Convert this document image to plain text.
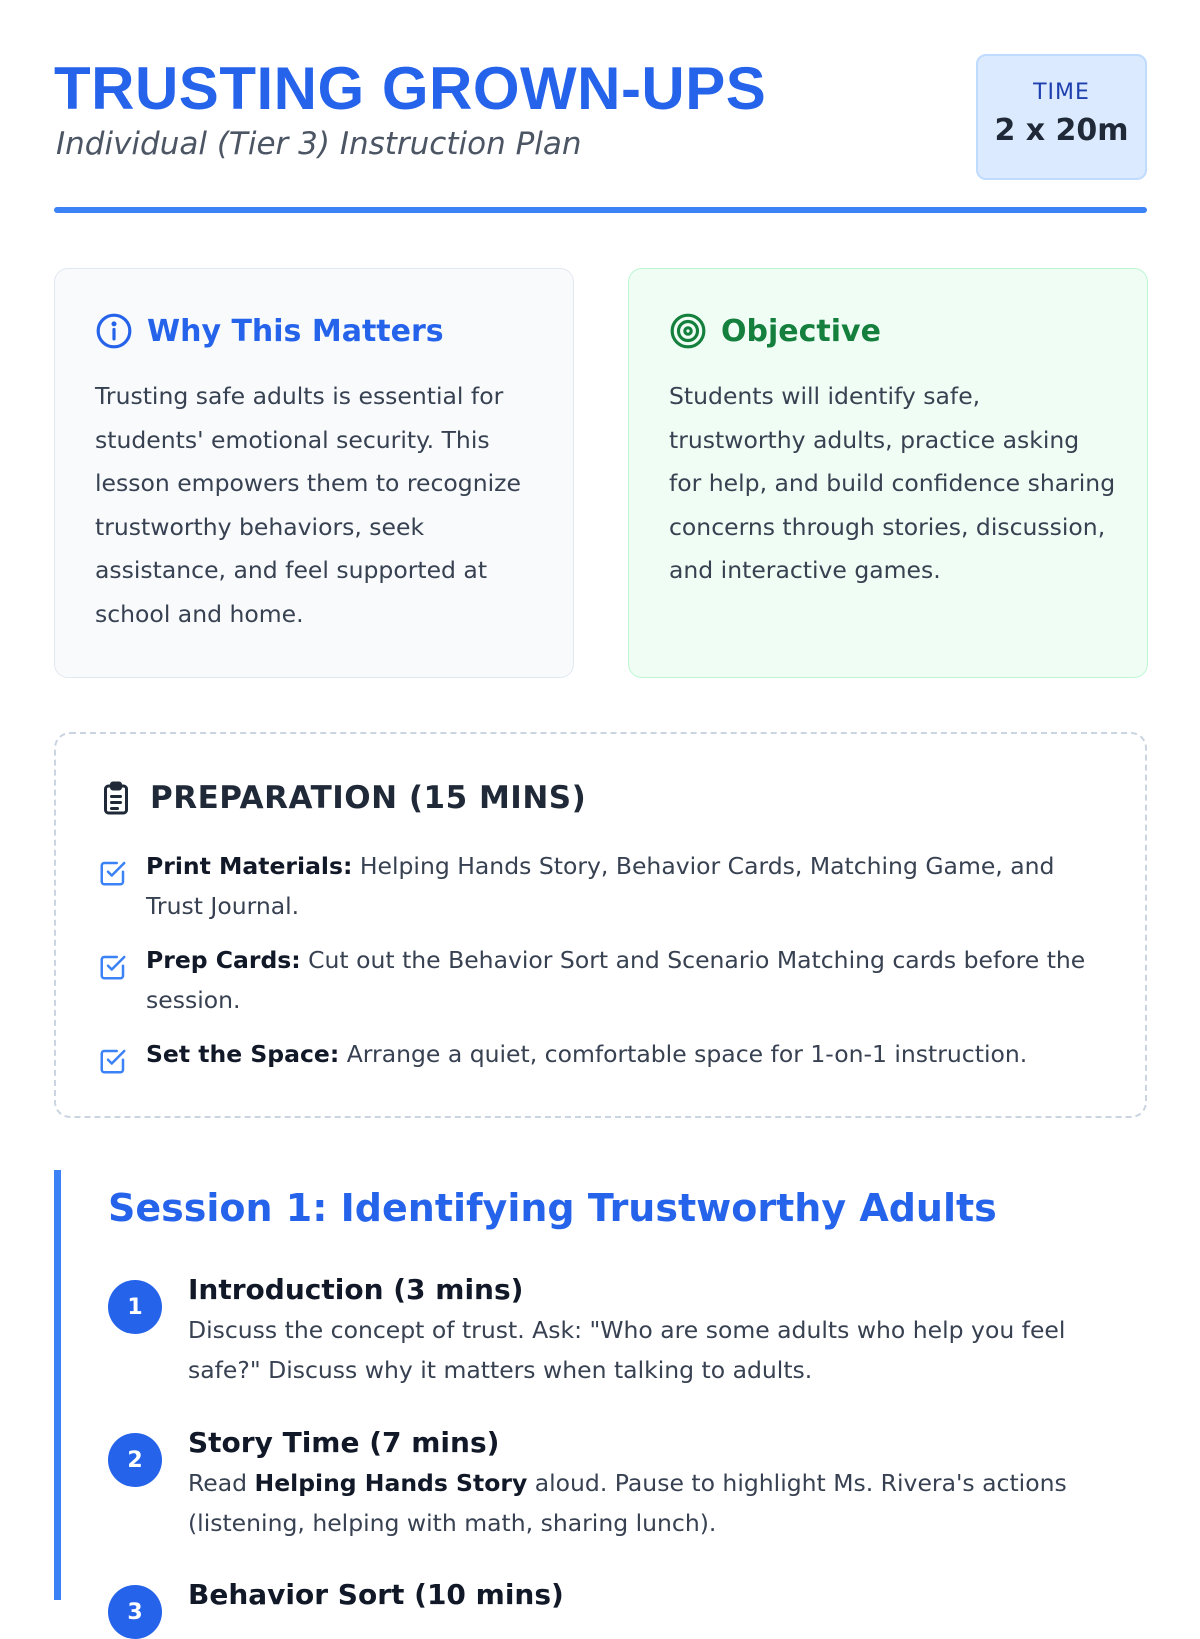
TRUSTING GROWN-UPS
Individual (Tier 3) Instruction Plan
TIME
2 x 20m
Why This Matters

Trusting safe adults is essential for students' emotional security. This lesson empowers them to recognize trustworthy behaviors, seek assistance, and feel supported at school and home.

Objective

Students will identify safe, trustworthy adults, practice asking for help, and build confidence sharing concerns through stories, discussion, and interactive games.

PREPARATION (15 MINS)
Print Materials: Helping Hands Story, Behavior Cards, Matching Game, and Trust Journal.
Prep Cards: Cut out the Behavior Sort and Scenario Matching cards before the session.
Set the Space: Arrange a quiet, comfortable space for 1-on-1 instruction.
Session 1: Identifying Trustworthy Adults
1
Introduction (3 mins)
Discuss the concept of trust. Ask: "Who are some adults who help you feel safe?" Discuss why it matters when talking to adults.
2
Story Time (7 mins)
Read Helping Hands Story aloud. Pause to highlight Ms. Rivera's actions (listening, helping with math, sharing lunch).
3
Behavior Sort (10 mins)
